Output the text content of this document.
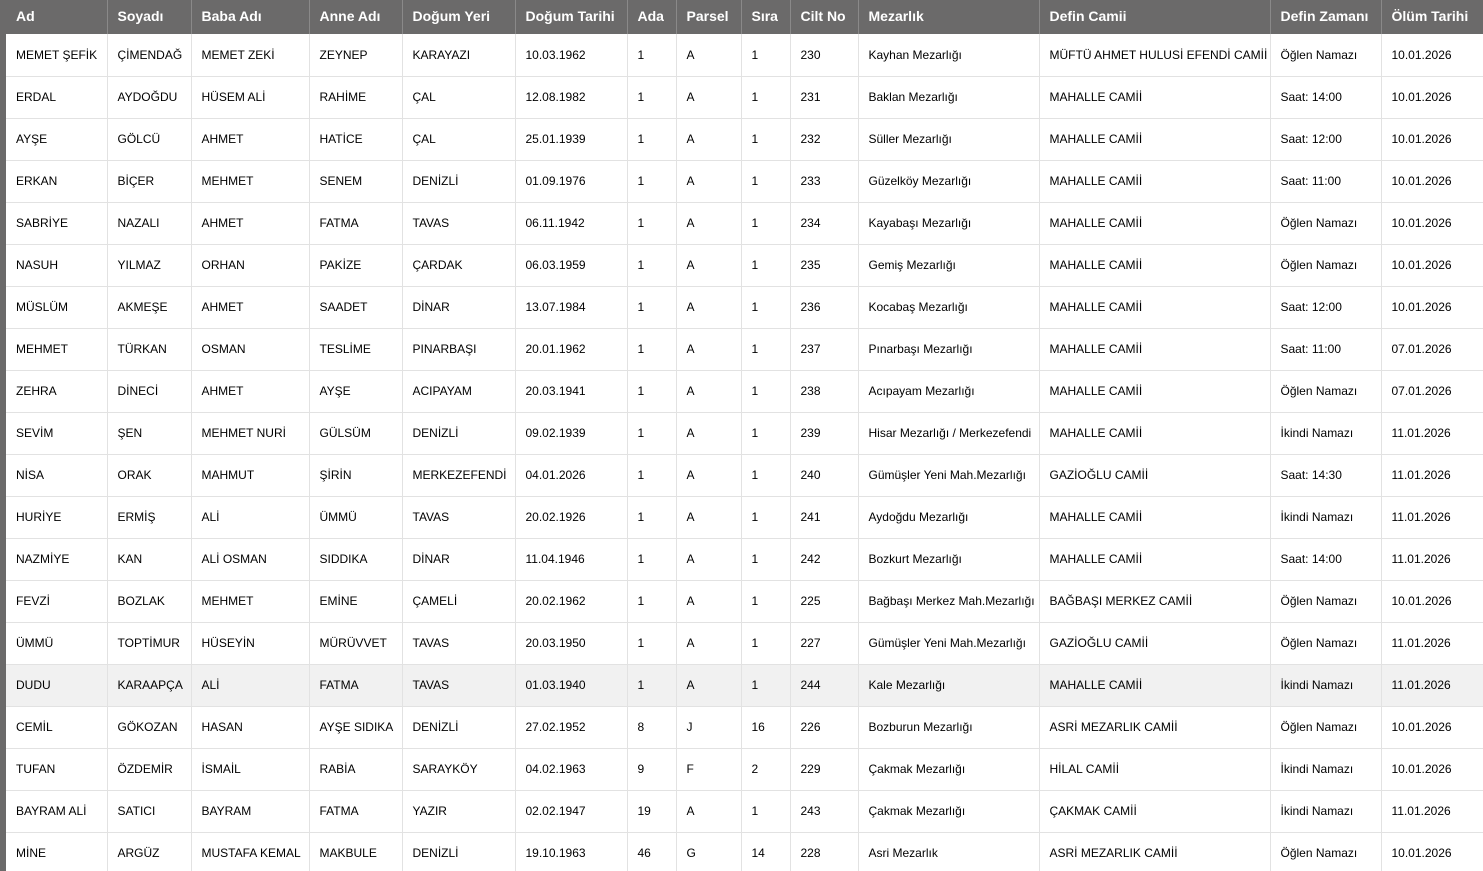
Ad	Soyadı	Baba Adı	Anne Adı	Doğum Yeri	Doğum Tarihi	Ada	Parsel	Sıra	Cilt No	Mezarlık	Defin Camii	Defin Zamanı	Ölüm Tarihi
MEMET ŞEFİK	ÇİMENDAĞ	MEMET ZEKİ	ZEYNEP	KARAYAZI	10.03.1962	1	A	1	230	Kayhan Mezarlığı	MÜFTÜ AHMET HULUSİ EFENDİ CAMİİ	Öğlen Namazı	10.01.2026
ERDAL	AYDOĞDU	HÜSEM ALİ	RAHİME	ÇAL	12.08.1982	1	A	1	231	Baklan Mezarlığı	MAHALLE CAMİİ	Saat: 14:00	10.01.2026
AYŞE	GÖLCÜ	AHMET	HATİCE	ÇAL	25.01.1939	1	A	1	232	Süller Mezarlığı	MAHALLE CAMİİ	Saat: 12:00	10.01.2026
ERKAN	BİÇER	MEHMET	SENEM	DENİZLİ	01.09.1976	1	A	1	233	Güzelköy Mezarlığı	MAHALLE CAMİİ	Saat: 11:00	10.01.2026
SABRİYE	NAZALI	AHMET	FATMA	TAVAS	06.11.1942	1	A	1	234	Kayabaşı Mezarlığı	MAHALLE CAMİİ	Öğlen Namazı	10.01.2026
NASUH	YILMAZ	ORHAN	PAKİZE	ÇARDAK	06.03.1959	1	A	1	235	Gemiş Mezarlığı	MAHALLE CAMİİ	Öğlen Namazı	10.01.2026
MÜSLÜM	AKMEŞE	AHMET	SAADET	DİNAR	13.07.1984	1	A	1	236	Kocabaş Mezarlığı	MAHALLE CAMİİ	Saat: 12:00	10.01.2026
MEHMET	TÜRKAN	OSMAN	TESLİME	PINARBAŞI	20.01.1962	1	A	1	237	Pınarbaşı Mezarlığı	MAHALLE CAMİİ	Saat: 11:00	07.01.2026
ZEHRA	DİNECİ	AHMET	AYŞE	ACIPAYAM	20.03.1941	1	A	1	238	Acıpayam Mezarlığı	MAHALLE CAMİİ	Öğlen Namazı	07.01.2026
SEVİM	ŞEN	MEHMET NURİ	GÜLSÜM	DENİZLİ	09.02.1939	1	A	1	239	Hisar Mezarlığı / Merkezefendi	MAHALLE CAMİİ	İkindi Namazı	11.01.2026
NİSA	ORAK	MAHMUT	ŞİRİN	MERKEZEFENDİ	04.01.2026	1	A	1	240	Gümüşler Yeni Mah.Mezarlığı	GAZİOĞLU CAMİİ	Saat: 14:30	11.01.2026
HURİYE	ERMİŞ	ALİ	ÜMMÜ	TAVAS	20.02.1926	1	A	1	241	Aydoğdu Mezarlığı	MAHALLE CAMİİ	İkindi Namazı	11.01.2026
NAZMİYE	KAN	ALİ OSMAN	SIDDIKA	DİNAR	11.04.1946	1	A	1	242	Bozkurt Mezarlığı	MAHALLE CAMİİ	Saat: 14:00	11.01.2026
FEVZİ	BOZLAK	MEHMET	EMİNE	ÇAMELİ	20.02.1962	1	A	1	225	Bağbaşı Merkez Mah.Mezarlığı	BAĞBAŞI MERKEZ CAMİİ	Öğlen Namazı	10.01.2026
ÜMMÜ	TOPTİMUR	HÜSEYİN	MÜRÜVVET	TAVAS	20.03.1950	1	A	1	227	Gümüşler Yeni Mah.Mezarlığı	GAZİOĞLU CAMİİ	Öğlen Namazı	11.01.2026
DUDU	KARAAPÇA	ALİ	FATMA	TAVAS	01.03.1940	1	A	1	244	Kale Mezarlığı	MAHALLE CAMİİ	İkindi Namazı	11.01.2026
CEMİL	GÖKOZAN	HASAN	AYŞE SIDIKA	DENİZLİ	27.02.1952	8	J	16	226	Bozburun Mezarlığı	ASRİ MEZARLIK CAMİİ	Öğlen Namazı	10.01.2026
TUFAN	ÖZDEMİR	İSMAİL	RABİA	SARAYKÖY	04.02.1963	9	F	2	229	Çakmak Mezarlığı	HİLAL CAMİİ	İkindi Namazı	10.01.2026
BAYRAM ALİ	SATICI	BAYRAM	FATMA	YAZIR	02.02.1947	19	A	1	243	Çakmak Mezarlığı	ÇAKMAK CAMİİ	İkindi Namazı	11.01.2026
MİNE	ARGÜZ	MUSTAFA KEMAL	MAKBULE	DENİZLİ	19.10.1963	46	G	14	228	Asri Mezarlık	ASRİ MEZARLIK CAMİİ	Öğlen Namazı	10.01.2026
